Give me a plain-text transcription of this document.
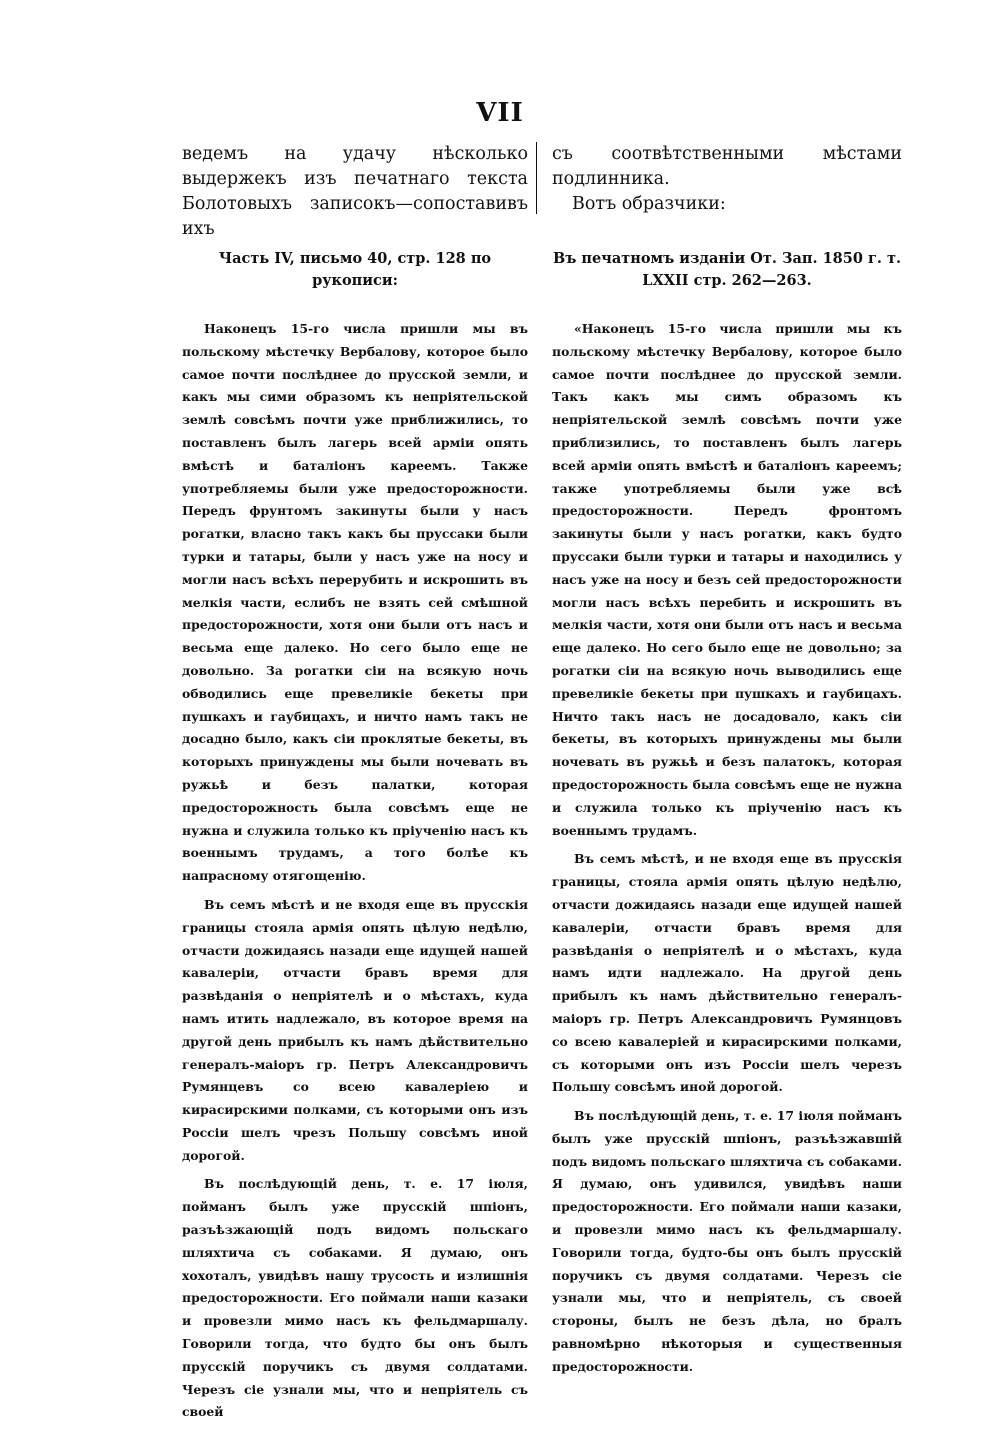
VII

ведемъ на удачу нѣсколько выдержекъ изъ печатнаго текста Болотовыхъ записокъ—сопоставивъ ихъ

Часть IV, письмо 40, стр. 128 по рукописи:

Наконецъ 15-го числа пришли мы въ польскому мѣстечку Вербалову, которое было самое почти послѣднее до прусской земли, и какъ мы сими образомъ къ непріятельской землѣ совсѣмъ почти уже приближились, то поставленъ былъ лагерь всей арміи опять вмѣстѣ и баталіонъ кареемъ. Также употребляемы были уже предосторожности. Передъ фрунтомъ закинуты были у насъ рогатки, власно такъ какъ бы пруссаки были турки и татары, были у насъ уже на носу и могли насъ всѣхъ перерубить и искрошить въ мелкія части, еслибъ не взять сей смѣшной предосторожности, хотя они были отъ насъ и весьма еще далеко. Но сего было еще не довольно. За рогатки сіи на всякую ночь обводились еще превеликіе бекеты при пушкахъ и гаубицахъ, и ничто намъ такъ не досадно было, какъ сіи проклятые бекеты, въ которыхъ принуждены мы были ночевать въ ружьѣ и безъ палатки, которая предосторожность была совсѣмъ еще не нужна и служила только къ пріученію насъ къ военнымъ трудамъ, а того болѣе къ напрасному отягощенію.

Въ семъ мѣстѣ и не входя еще въ прусскія границы стояла армія опять цѣлую недѣлю, отчасти дожидаясь назади еще идущей нашей кавалеріи, отчасти бравъ время для развѣданія о непріятелѣ и о мѣстахъ, куда намъ итить надлежало, въ которое время на другой день прибылъ къ намъ дѣйствительно генералъ-маіоръ гр. Петръ Александровичъ Румянцевъ со всею кавалеріею и кирасирскими полками, съ которыми онъ изъ Россіи шелъ чрезъ Польшу совсѣмъ иной дорогой.

Въ послѣдующій день, т. е. 17 іюля, пойманъ былъ уже прусскій шпіонъ, разъѣзжающій подъ видомъ польскаго шляхтича съ собаками. Я думаю, онъ хохоталъ, увидѣвъ нашу трусость и излишнія предосторожности. Его поймали наши казаки и провезли мимо насъ къ фельдмаршалу. Говорили тогда, что будто бы онъ былъ прусскій поручикъ съ двумя солдатами. Черезъ сіе узнали мы, что и непріятель съ своей

съ соотвѣтственными мѣстами подлинника.
Вотъ образчики:
Въ печатномъ изданіи От. Зап. 1850 г. т. LXXII стр. 262—263.

«Наконецъ 15-го числа пришли мы къ польскому мѣстечку Вербалову, которое было самое почти послѣднее до прусской земли. Такъ какъ мы симъ образомъ къ непріятельской землѣ совсѣмъ почти уже приблизились, то поставленъ былъ лагерь всей арміи опять вмѣстѣ и баталіонъ кареемъ; также употребляемы были уже всѣ предосторожности. Передъ фронтомъ закинуты были у насъ рогатки, какъ будто пруссаки были турки и татары и находились у насъ уже на носу и безъ сей предосторожности могли насъ всѣхъ перебить и искрошить въ мелкія части, хотя они были отъ насъ и весьма еще далеко. Но сего было еще не довольно; за рогатки сіи на всякую ночь выводились еще превеликіе бекеты при пушкахъ и гаубицахъ. Ничто такъ насъ не досадовало, какъ сіи бекеты, въ которыхъ принуждены мы были ночевать въ ружьѣ и безъ палатокъ, которая предосторожность была совсѣмъ еще не нужна и служила только къ пріученію насъ къ военнымъ трудамъ.

Въ семъ мѣстѣ, и не входя еще въ прусскія границы, стояла армія опять цѣлую недѣлю, отчасти дожидаясь назади еще идущей нашей кавалеріи, отчасти бравъ время для развѣданія о непріятелѣ и о мѣстахъ, куда намъ идти надлежало. На другой день прибылъ къ намъ дѣйствительно генералъ-маіоръ гр. Петръ Александровичъ Румянцовъ со всею кавалеріей и кирасирскими полками, съ которыми онъ изъ Россіи шелъ черезъ Польшу совсѣмъ иной дорогой.

Въ послѣдующій день, т. е. 17 іюля пойманъ былъ уже прусскій шпіонъ, разъѣзжавшій подъ видомъ польскаго шляхтича съ собаками. Я думаю, онъ удивился, увидѣвъ наши предосторожности. Его поймали наши казаки, и провезли мимо насъ къ фельдмаршалу. Говорили тогда, будто-бы онъ былъ прусскій поручикъ съ двумя солдатами. Черезъ сіе узнали мы, что и непріятель, съ своей стороны, былъ не безъ дѣла, но бралъ равномѣрно нѣкоторыя и существенныя предосторожности.
